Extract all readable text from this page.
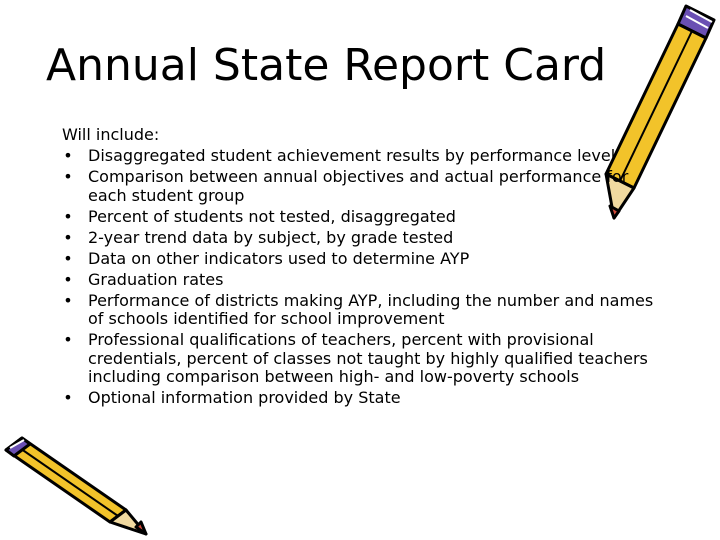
Annual State Report Card

Will include:

• Disaggregated student achievement results by performance level
• Comparison between annual objectives and actual performance for each student group
• Percent of students not tested, disaggregated
• 2-year trend data by subject, by grade tested
• Data on other indicators used to determine AYP
• Graduation rates
• Performance of districts making AYP, including the number and names of schools identified for school improvement
• Professional qualifications of teachers, percent with provisional credentials, percent of classes not taught by highly qualified teachers including comparison between high- and low-poverty schools
• Optional information provided by State
